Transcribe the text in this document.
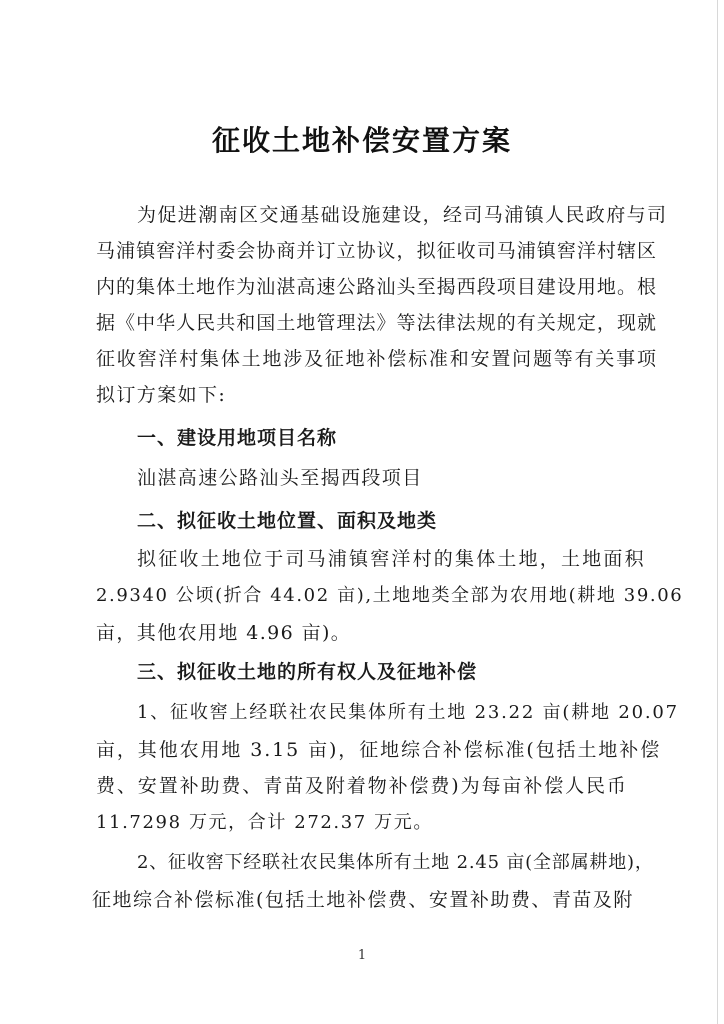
征收土地补偿安置方案
为促进潮南区交通基础设施建设，经司马浦镇人民政府与司
马浦镇窖洋村委会协商并订立协议，拟征收司马浦镇窖洋村辖区
内的集体土地作为汕湛高速公路汕头至揭西段项目建设用地。根
据《中华人民共和国土地管理法》等法律法规的有关规定，现就
征收窖洋村集体土地涉及征地补偿标准和安置问题等有关事项
拟订方案如下:
一、建设用地项目名称
汕湛高速公路汕头至揭西段项目
二、拟征收土地位置、面积及地类
拟征收土地位于司马浦镇窖洋村的集体土地，土地面积
2.9340 公顷(折合 44.02 亩),土地地类全部为农用地(耕地 39.06
亩，其他农用地 4.96 亩)。
三、拟征收土地的所有权人及征地补偿
1、征收窖上经联社农民集体所有土地 23.22 亩(耕地 20.07
亩，其他农用地 3.15 亩)，征地综合补偿标准(包括土地补偿
费、安置补助费、青苗及附着物补偿费)为每亩补偿人民币
11.7298 万元，合计 272.37 万元。
2、征收窖下经联社农民集体所有土地 2.45 亩(全部属耕地)，
征地综合补偿标准(包括土地补偿费、安置补助费、青苗及附
1
